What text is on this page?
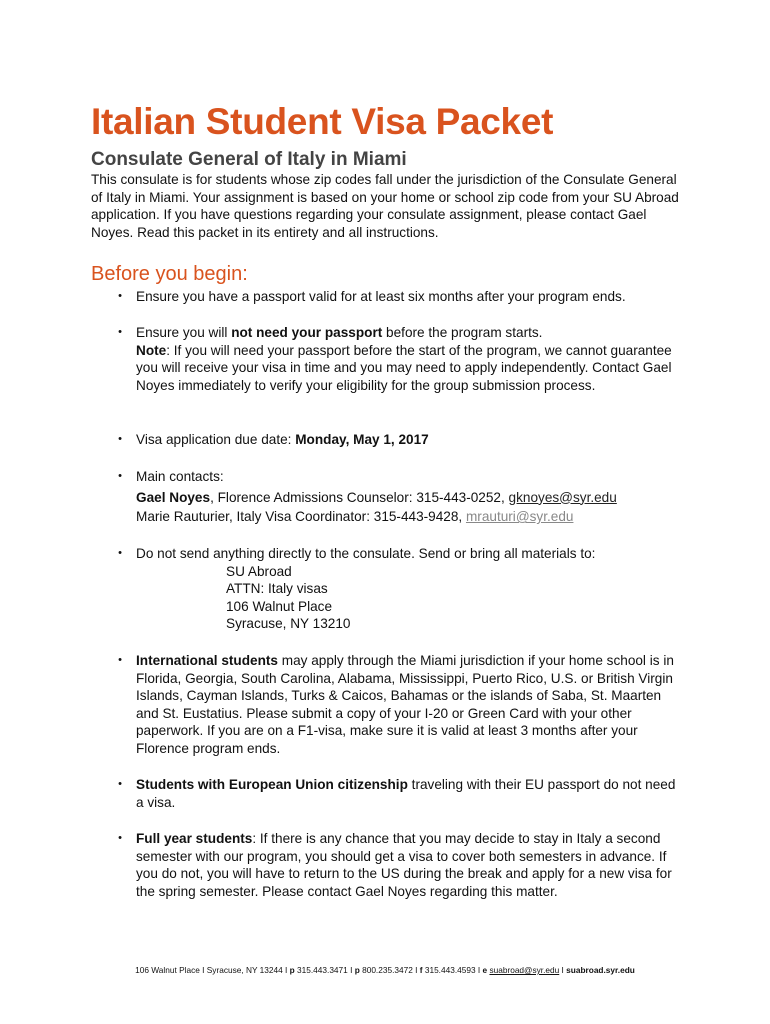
Italian Student Visa Packet
Consulate General of Italy in Miami

This consulate is for students whose zip codes fall under the jurisdiction of the Consulate General of Italy in Miami. Your assignment is based on your home or school zip code from your SU Abroad application. If you have questions regarding your consulate assignment, please contact Gael Noyes. Read this packet in its entirety and all instructions.

Before you begin:
• Ensure you have a passport valid for at least six months after your program ends.

• Ensure you will not need your passport before the program starts.

Note: If you will need your passport before the start of the program, we cannot guarantee you will receive your visa in time and you may need to apply independently. Contact Gael Noyes immediately to verify your eligibility for the group submission process.

• Visa application due date: Monday, May 1, 2017

• Main contacts:

Gael Noyes, Florence Admissions Counselor: 315-443-0252, gknoyes@syr.edu

Marie Rauturier, Italy Visa Coordinator: 315-443-9428, mrauturi@syr.edu

• Do not send anything directly to the consulate. Send or bring all materials to:

SU Abroad

ATTN: Italy visas

106 Walnut Place

Syracuse, NY 13210

• International students may apply through the Miami jurisdiction if your home school is in Florida, Georgia, South Carolina, Alabama, Mississippi, Puerto Rico, U.S. or British Virgin Islands, Cayman Islands, Turks & Caicos, Bahamas or the islands of Saba, St. Maarten and St. Eustatius. Please submit a copy of your I-20 or Green Card with your other paperwork. If you are on a F1-visa, make sure it is valid at least 3 months after your Florence program ends.

• Students with European Union citizenship traveling with their EU passport do not need a visa.

• Full year students: If there is any chance that you may decide to stay in Italy a second semester with our program, you should get a visa to cover both semesters in advance. If you do not, you will have to return to the US during the break and apply for a new visa for the spring semester. Please contact Gael Noyes regarding this matter.

106 Walnut Place I Syracuse, NY 13244 I p 315.443.3471 I p 800.235.3472 I f 315.443.4593 I e suabroad@syr.edu I suabroad.syr.edu
